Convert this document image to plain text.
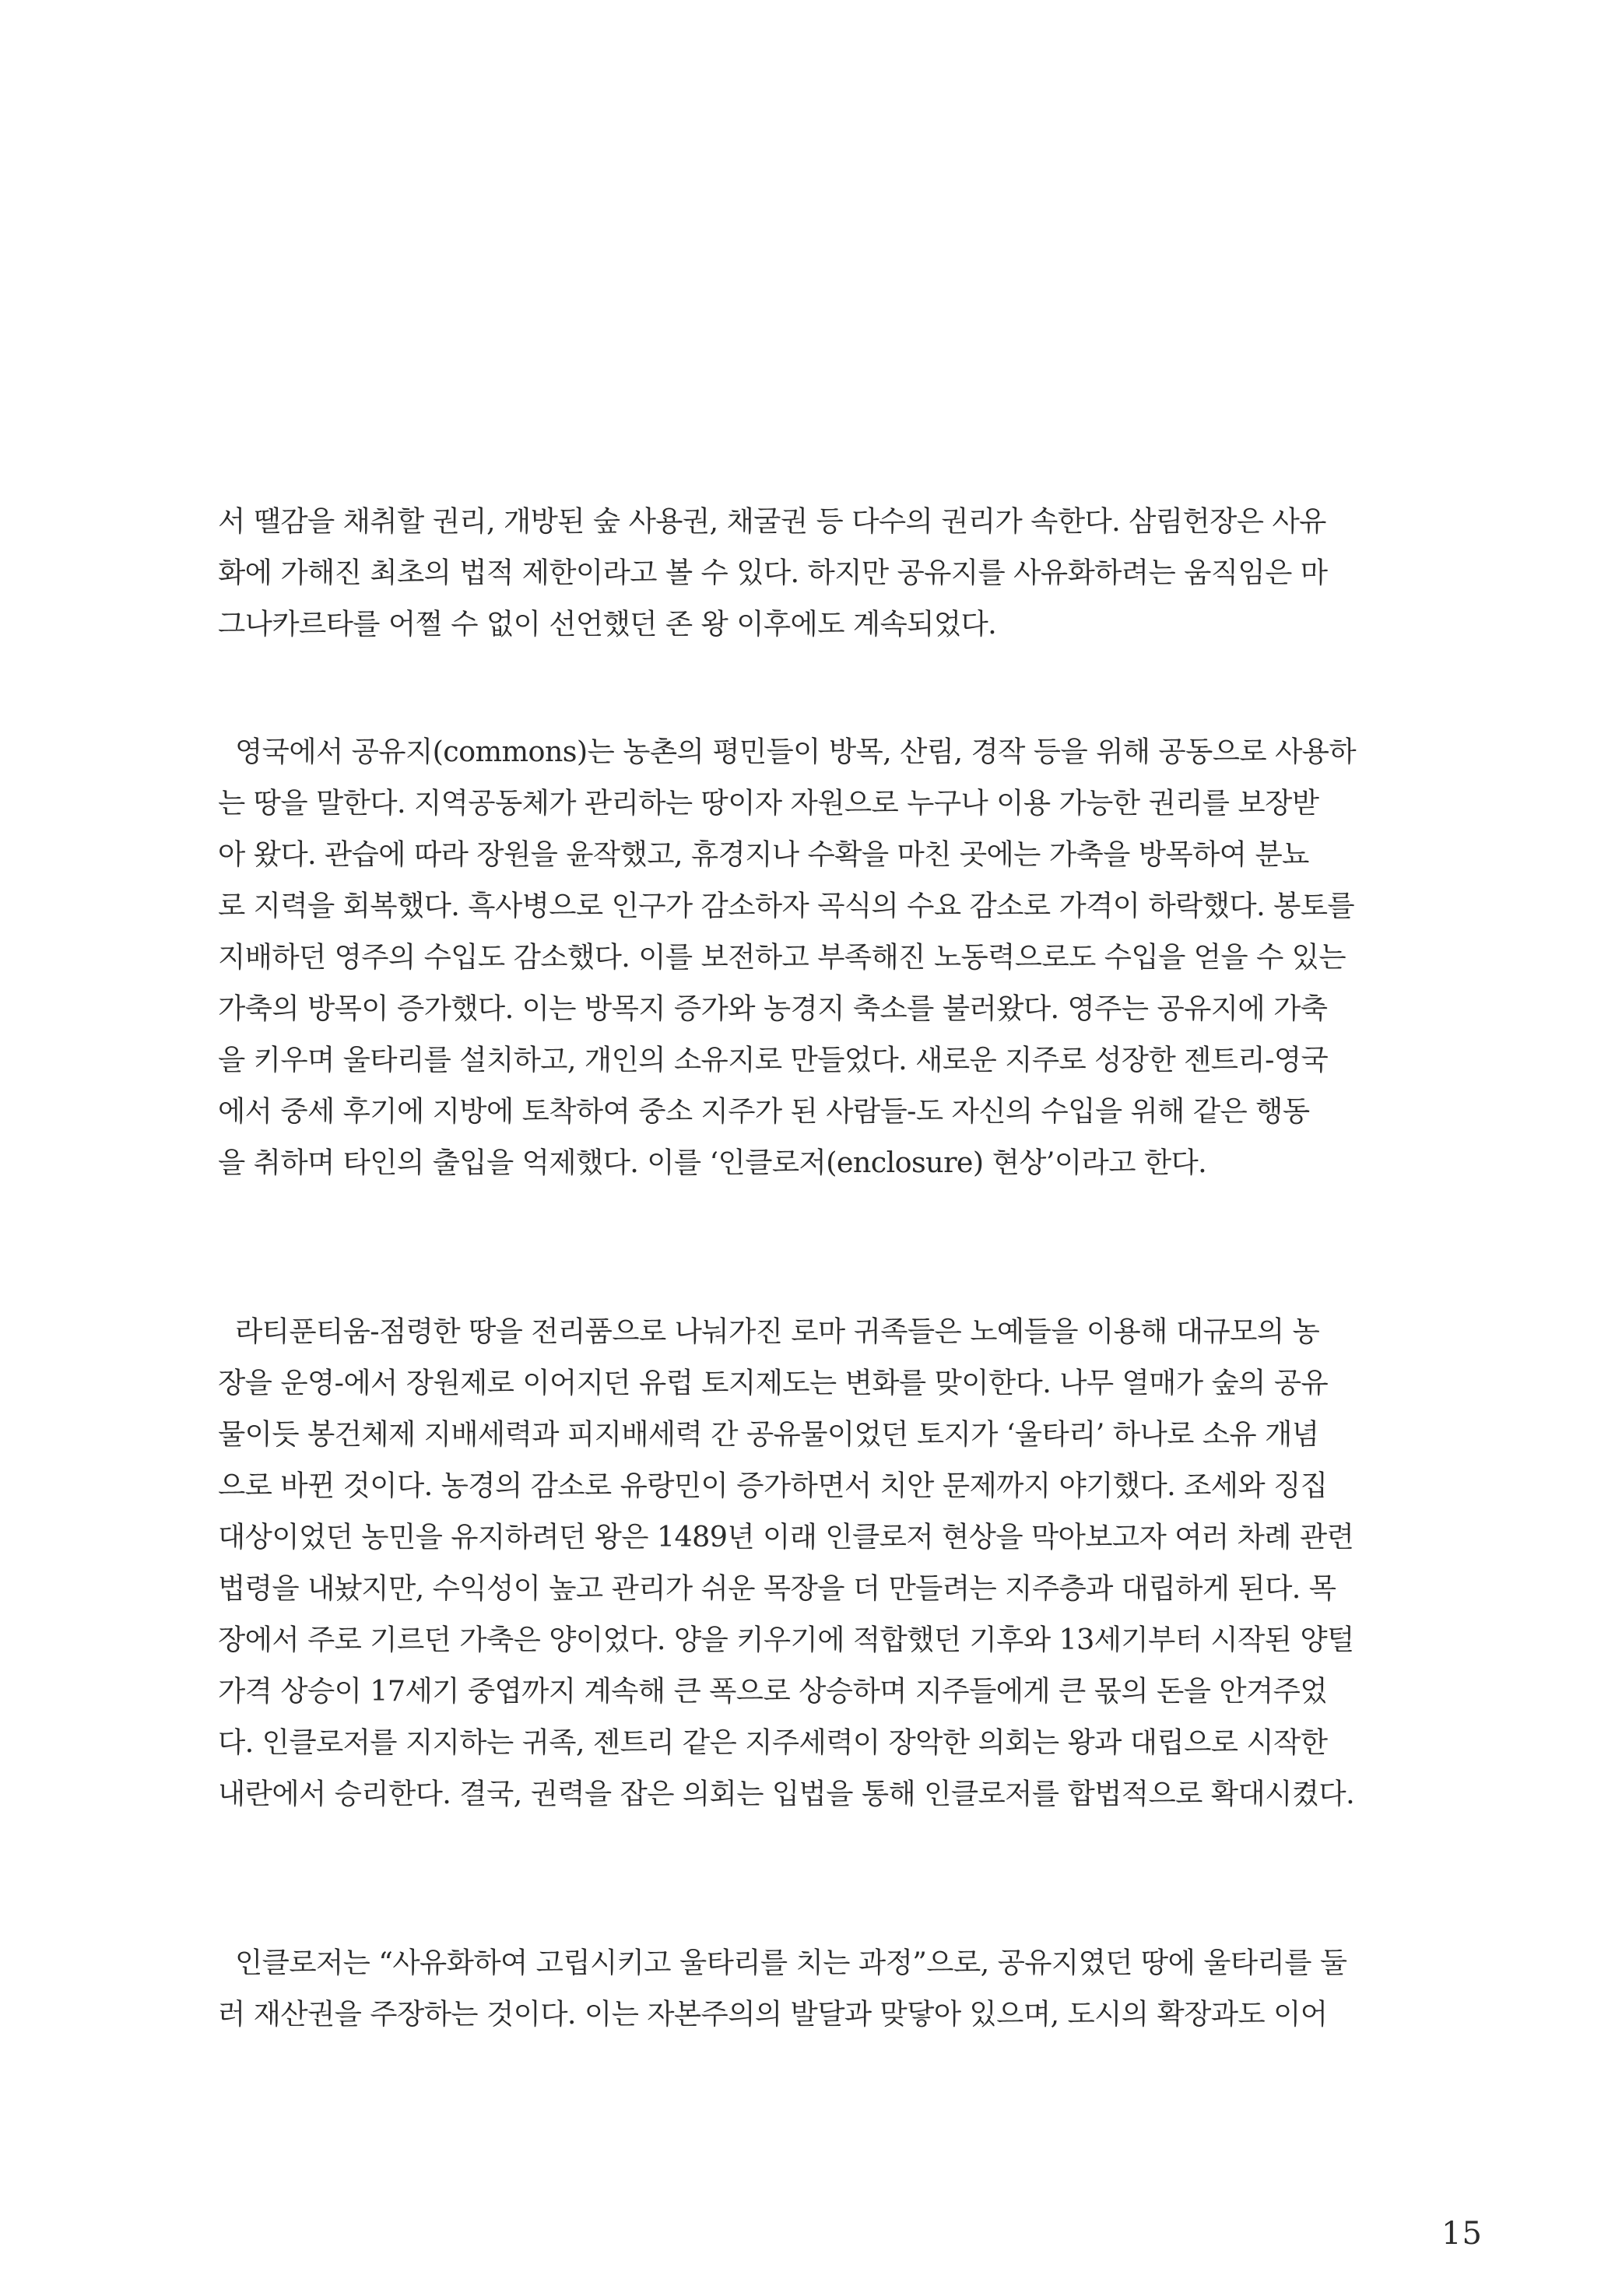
서 땔감을 채취할 권리, 개방된 숲 사용권, 채굴권 등 다수의 권리가 속한다. 삼림헌장은 사유
화에 가해진 최초의 법적 제한이라고 볼 수 있다. 하지만 공유지를 사유화하려는 움직임은 마
그나카르타를 어쩔 수 없이 선언했던 존 왕 이후에도 계속되었다.
영국에서 공유지(commons)는 농촌의 평민들이 방목, 산림, 경작 등을 위해 공동으로 사용하
는 땅을 말한다. 지역공동체가 관리하는 땅이자 자원으로 누구나 이용 가능한 권리를 보장받
아 왔다. 관습에 따라 장원을 윤작했고, 휴경지나 수확을 마친 곳에는 가축을 방목하여 분뇨
로 지력을 회복했다. 흑사병으로 인구가 감소하자 곡식의 수요 감소로 가격이 하락했다. 봉토를
지배하던 영주의 수입도 감소했다. 이를 보전하고 부족해진 노동력으로도 수입을 얻을 수 있는
가축의 방목이 증가했다. 이는 방목지 증가와 농경지 축소를 불러왔다. 영주는 공유지에 가축
을 키우며 울타리를 설치하고, 개인의 소유지로 만들었다. 새로운 지주로 성장한 젠트리-영국
에서 중세 후기에 지방에 토착하여 중소 지주가 된 사람들-도 자신의 수입을 위해 같은 행동
을 취하며 타인의 출입을 억제했다. 이를 ‘인클로저(enclosure) 현상’이라고 한다.
라티푼티움-점령한 땅을 전리품으로 나눠가진 로마 귀족들은 노예들을 이용해 대규모의 농
장을 운영-에서 장원제로 이어지던 유럽 토지제도는 변화를 맞이한다. 나무 열매가 숲의 공유
물이듯 봉건체제 지배세력과 피지배세력 간 공유물이었던 토지가 ‘울타리’ 하나로 소유 개념
으로 바뀐 것이다. 농경의 감소로 유랑민이 증가하면서 치안 문제까지 야기했다. 조세와 징집
대상이었던 농민을 유지하려던 왕은 1489년 이래 인클로저 현상을 막아보고자 여러 차례 관련
법령을 내놨지만, 수익성이 높고 관리가 쉬운 목장을 더 만들려는 지주층과 대립하게 된다. 목
장에서 주로 기르던 가축은 양이었다. 양을 키우기에 적합했던 기후와 13세기부터 시작된 양털
가격 상승이 17세기 중엽까지 계속해 큰 폭으로 상승하며 지주들에게 큰 몫의 돈을 안겨주었
다. 인클로저를 지지하는 귀족, 젠트리 같은 지주세력이 장악한 의회는 왕과 대립으로 시작한
내란에서 승리한다. 결국, 권력을 잡은 의회는 입법을 통해 인클로저를 합법적으로 확대시켰다.
인클로저는 “사유화하여 고립시키고 울타리를 치는 과정”으로, 공유지였던 땅에 울타리를 둘
러 재산권을 주장하는 것이다. 이는 자본주의의 발달과 맞닿아 있으며, 도시의 확장과도 이어
15
